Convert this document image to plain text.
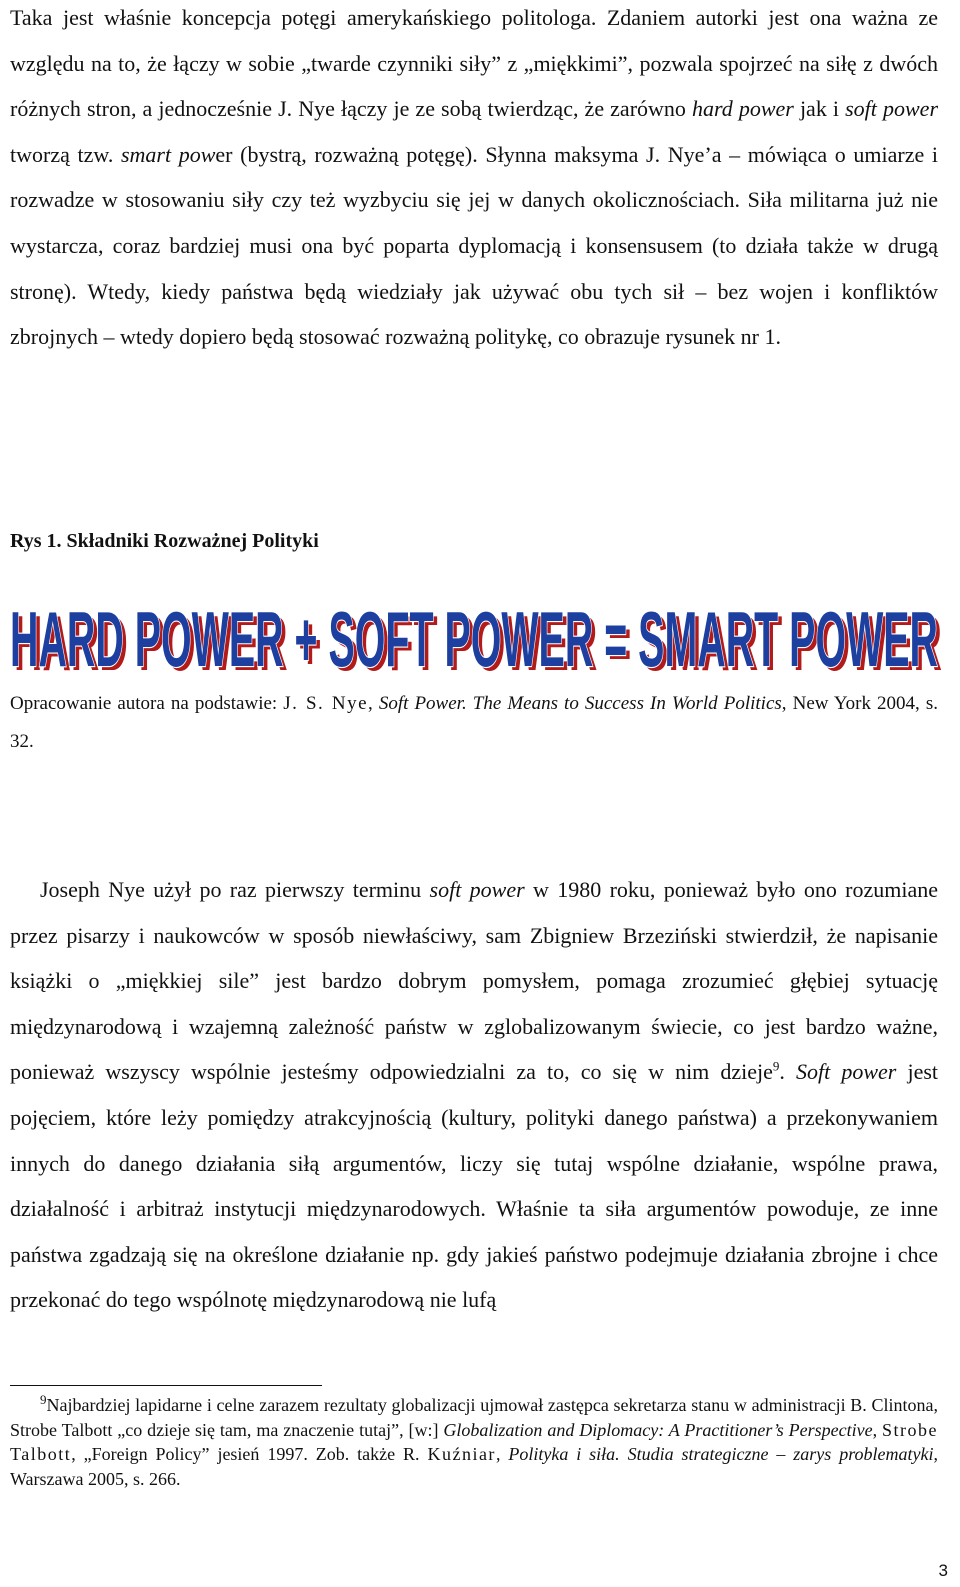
Taka jest właśnie koncepcja potęgi amerykańskiego politologa. Zdaniem autorki jest ona ważna ze względu na to, że łączy w sobie „twarde czynniki siły” z „miękkimi”, pozwala spojrzeć na siłę z dwóch różnych stron, a jednocześnie J. Nye łączy je ze sobą twierdząc, że zarówno hard power jak i soft power tworzą tzw. smart power (bystrą, rozważną potęgę). Słynna maksyma J. Nye’a – mówiąca o umiarze i rozwadze w stosowaniu siły czy też wyzbyciu się jej w danych okolicznościach. Siła militarna już nie wystarcza, coraz bardziej musi ona być poparta dyplomacją i konsensusem (to działa także w drugą stronę). Wtedy, kiedy państwa będą wiedziały jak używać obu tych sił – bez wojen i konfliktów zbrojnych – wtedy dopiero będą stosować rozważną politykę, co obrazuje rysunek nr 1.

Rys 1. Składniki Rozważnej Polityki
HARD POWER + SOFT POWER = SMART POWER
HARD POWER + SOFT POWER = SMART POWER

Opracowanie autora na podstawie: J. S. Nye, Soft Power. The Means to Success In World Politics, New York 2004, s. 32.

Joseph Nye użył po raz pierwszy terminu soft power w 1980 roku, ponieważ było ono rozumiane przez pisarzy i naukowców w sposób niewłaściwy, sam Zbigniew Brzeziński stwierdził, że napisanie książki o „miękkiej sile” jest bardzo dobrym pomysłem, pomaga zrozumieć głębiej sytuację międzynarodową i wzajemną zależność państw w zglobalizowanym świecie, co jest bardzo ważne, ponieważ wszyscy wspólnie jesteśmy odpowiedzialni za to, co się w nim dzieje$^9$. Soft power jest pojęciem, które leży pomiędzy atrakcyjnością (kultury, polityki danego państwa) a przekonywaniem innych do danego działania siłą argumentów, liczy się tutaj wspólne działanie, wspólne prawa, działalność i arbitraż instytucji międzynarodowych. Właśnie ta siła argumentów powoduje, ze inne państwa zgadzają się na określone działanie np. gdy jakieś państwo podejmuje działania zbrojne i chce przekonać do tego wspólnotę międzynarodową nie lufą

$^9$Najbardziej lapidarne i celne zarazem rezultaty globalizacji ujmował zastępca sekretarza stanu w administracji B. Clintona, Strobe Talbott „co dzieje się tam, ma znaczenie tutaj”, [w:] Globalization and Diplomacy: A Practitioner’s Perspective, Strobe Talbott, „Foreign Policy” jesień 1997. Zob. także R. Kuźniar, Polityka i siła. Studia strategiczne – zarys problematyki, Warszawa 2005, s. 266.

3
